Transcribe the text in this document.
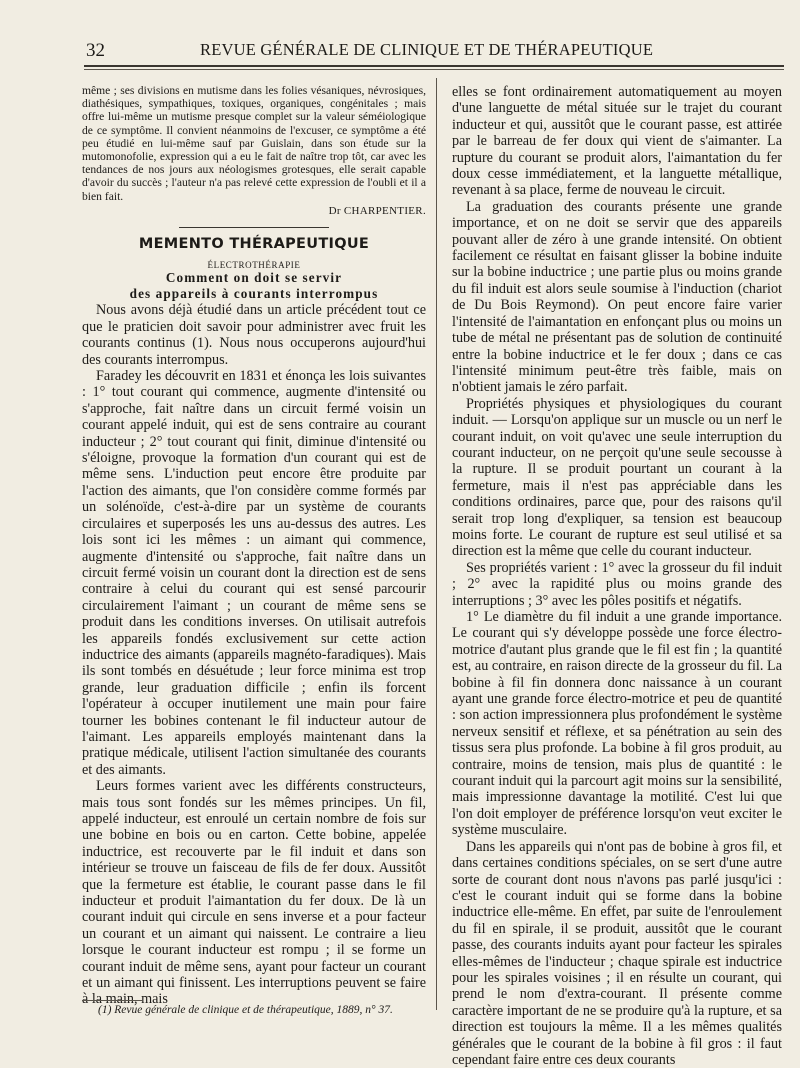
32	REVUE GÉNÉRALE DE CLINIQUE ET DE THÉRAPEUTIQUE

même ; ses divisions en mutisme dans les folies vésaniques, névrosiques, diathésiques, sympathiques, toxiques, organiques, congénitales ; mais offre lui-même un mutisme presque complet sur la valeur séméiologique de ce symptôme. Il convient néanmoins de l'excuser, ce symptôme a été peu étudié en lui-même sauf par Guislain, dans son étude sur la mutomonofolie, expression qui a eu le fait de naître trop tôt, car avec les tendances de nos jours aux néologismes grotesques, elle serait capable d'avoir du succès ; l'auteur n'a pas relevé cette expression de l'oubli et il a bien fait.

Dr CHARPENTIER.

MEMENTO THÉRAPEUTIQUE
ÉLECTROTHÉRAPIE
Comment on doit se servir
des appareils à courants interrompus

Nous avons déjà étudié dans un article précédent tout ce que le praticien doit savoir pour administrer avec fruit les courants continus (1). Nous nous occuperons aujourd'hui des courants interrompus.

Faradey les découvrit en 1831 et énonça les lois suivantes : 1° tout courant qui commence, augmente d'intensité ou s'approche, fait naître dans un circuit fermé voisin un courant appelé induit, qui est de sens contraire au courant inducteur ; 2° tout courant qui finit, diminue d'intensité ou s'éloigne, provoque la formation d'un courant qui est de même sens. L'induction peut encore être produite par l'action des aimants, que l'on considère comme formés par un solénoïde, c'est-à-dire par un système de courants circulaires et superposés les uns au-dessus des autres. Les lois sont ici les mêmes : un aimant qui commence, augmente d'intensité ou s'approche, fait naître dans un circuit fermé voisin un courant dont la direction est de sens contraire à celui du courant qui est sensé parcourir circulairement l'aimant ; un courant de même sens se produit dans les conditions inverses. On utilisait autrefois les appareils fondés exclusivement sur cette action inductrice des aimants (appareils magnéto-faradiques). Mais ils sont tombés en désuétude ; leur force minima est trop grande, leur graduation difficile ; enfin ils forcent l'opérateur à occuper inutilement une main pour faire tourner les bobines contenant le fil inducteur autour de l'aimant. Les appareils employés maintenant dans la pratique médicale, utilisent l'action simultanée des courants et des aimants.

Leurs formes varient avec les différents constructeurs, mais tous sont fondés sur les mêmes principes. Un fil, appelé inducteur, est enroulé un certain nombre de fois sur une bobine en bois ou en carton. Cette bobine, appelée inductrice, est recouverte par le fil induit et dans son intérieur se trouve un faisceau de fils de fer doux. Aussitôt que la fermeture est établie, le courant passe dans le fil inducteur et produit l'aimantation du fer doux. De là un courant induit qui circule en sens inverse et a pour facteur un courant et un aimant qui naissent. Le contraire a lieu lorsque le courant inducteur est rompu ; il se forme un courant induit de même sens, ayant pour facteur un courant et un aimant qui finissent. Les interruptions peuvent se faire à la main, mais

(1) Revue générale de clinique et de thérapeutique, 1889, n° 37.

elles se font ordinairement automatiquement au moyen d'une languette de métal située sur le trajet du courant inducteur et qui, aussitôt que le courant passe, est attirée par le barreau de fer doux qui vient de s'aimanter. La rupture du courant se produit alors, l'aimantation du fer doux cesse immédiatement, et la languette métallique, revenant à sa place, ferme de nouveau le circuit.

La graduation des courants présente une grande importance, et on ne doit se servir que des appareils pouvant aller de zéro à une grande intensité. On obtient facilement ce résultat en faisant glisser la bobine induite sur la bobine inductrice ; une partie plus ou moins grande du fil induit est alors seule soumise à l'induction (chariot de Du Bois Reymond). On peut encore faire varier l'intensité de l'aimantation en enfonçant plus ou moins un tube de métal ne présentant pas de solution de continuité entre la bobine inductrice et le fer doux ; dans ce cas l'intensité minimum peut-être très faible, mais on n'obtient jamais le zéro parfait.

Propriétés physiques et physiologiques du courant induit. — Lorsqu'on applique sur un muscle ou un nerf le courant induit, on voit qu'avec une seule interruption du courant inducteur, on ne perçoit qu'une seule secousse à la rupture. Il se produit pourtant un courant à la fermeture, mais il n'est pas appréciable dans les conditions ordinaires, parce que, pour des raisons qu'il serait trop long d'expliquer, sa tension est beaucoup moins forte. Le courant de rupture est seul utilisé et sa direction est la même que celle du courant inducteur.

Ses propriétés varient : 1° avec la grosseur du fil induit ; 2° avec la rapidité plus ou moins grande des interruptions ; 3° avec les pôles positifs et négatifs.

1° Le diamètre du fil induit a une grande importance. Le courant qui s'y développe possède une force électro-motrice d'autant plus grande que le fil est fin ; la quantité est, au contraire, en raison directe de la grosseur du fil. La bobine à fil fin donnera donc naissance à un courant ayant une grande force électro-motrice et peu de quantité : son action impressionnera plus profondément le système nerveux sensitif et réflexe, et sa pénétration au sein des tissus sera plus profonde. La bobine à fil gros produit, au contraire, moins de tension, mais plus de quantité : le courant induit qui la parcourt agit moins sur la sensibilité, mais impressionne davantage la motilité. C'est lui que l'on doit employer de préférence lorsqu'on veut exciter le système musculaire.

Dans les appareils qui n'ont pas de bobine à gros fil, et dans certaines conditions spéciales, on se sert d'une autre sorte de courant dont nous n'avons pas parlé jusqu'ici : c'est le courant induit qui se forme dans la bobine inductrice elle-même. En effet, par suite de l'enroulement du fil en spirale, il se produit, aussitôt que le courant passe, des courants induits ayant pour facteur les spirales elles-mêmes de l'inducteur ; chaque spirale est inductrice pour les spirales voisines ; il en résulte un courant, qui prend le nom d'extra-courant. Il présente comme caractère important de ne se produire qu'à la rupture, et sa direction est toujours la même. Il a les mêmes qualités générales que le courant de la bobine à fil gros : il faut cependant faire entre ces deux courants
